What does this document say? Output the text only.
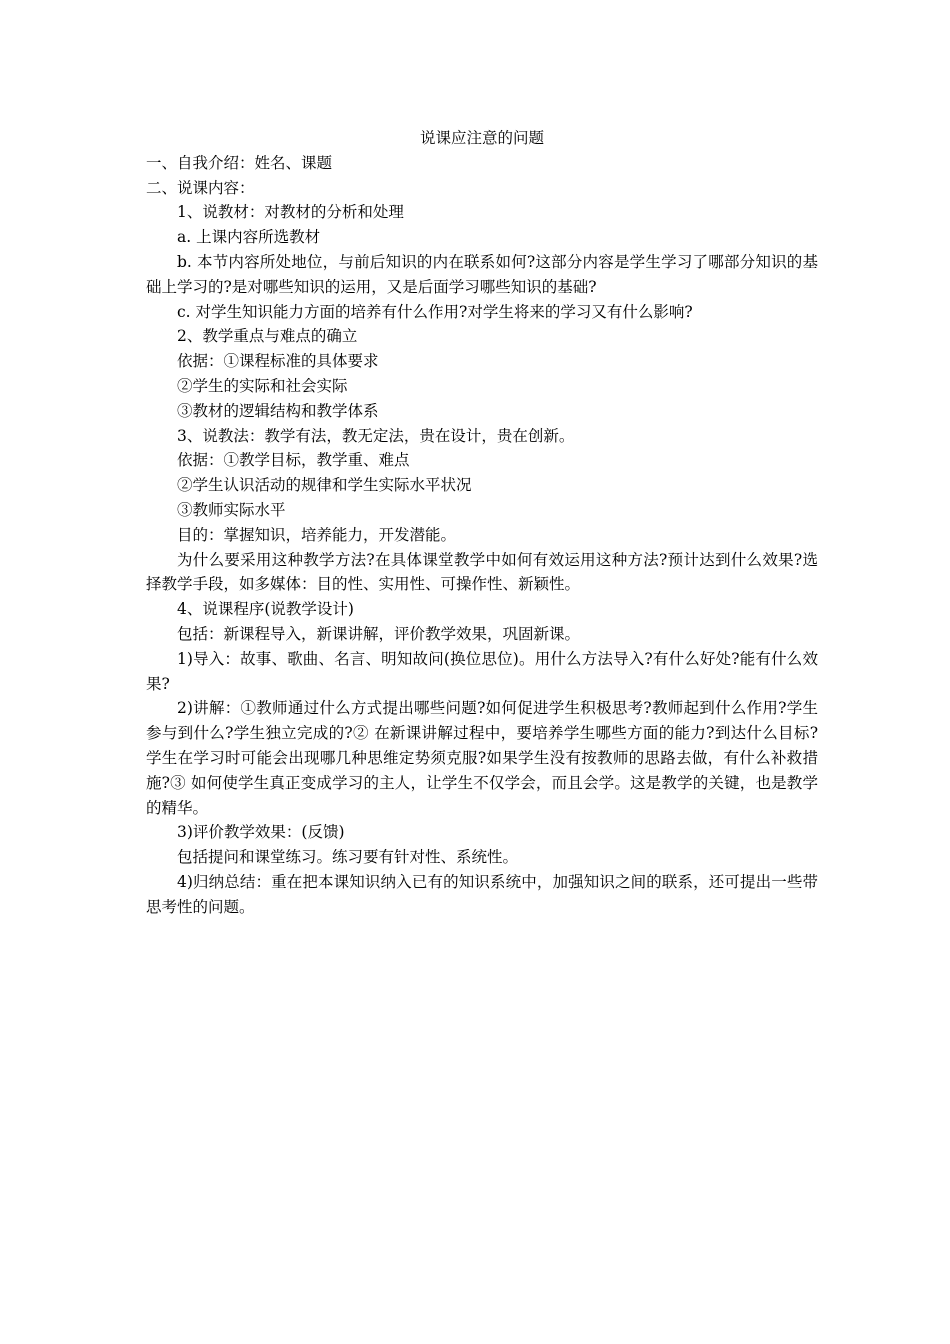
说课应注意的问题

一、自我介绍：姓名、课题

二、说课内容：

1、说教材：对教材的分析和处理

a. 上课内容所选教材

b. 本节内容所处地位，与前后知识的内在联系如何?这部分内容是学生学习了哪部分知识的基础上学习的?是对哪些知识的运用，又是后面学习哪些知识的基础?

c. 对学生知识能力方面的培养有什么作用?对学生将来的学习又有什么影响?

2、教学重点与难点的确立

依据：①课程标准的具体要求

②学生的实际和社会实际

③教材的逻辑结构和教学体系

3、说教法：教学有法，教无定法，贵在设计，贵在创新。

依据：①教学目标，教学重、难点

②学生认识活动的规律和学生实际水平状况

③教师实际水平

目的：掌握知识，培养能力，开发潜能。

为什么要采用这种教学方法?在具体课堂教学中如何有效运用这种方法?预计达到什么效果?选择教学手段，如多媒体：目的性、实用性、可操作性、新颖性。

4、说课程序(说教学设计)

包括：新课程导入，新课讲解，评价教学效果，巩固新课。

1)导入：故事、歌曲、名言、明知故问(换位思位)。用什么方法导入?有什么好处?能有什么效果?

2)讲解：①教师通过什么方式提出哪些问题?如何促进学生积极思考?教师起到什么作用?学生参与到什么?学生独立完成的?② 在新课讲解过程中，要培养学生哪些方面的能力?到达什么目标?学生在学习时可能会出现哪几种思维定势须克服?如果学生没有按教师的思路去做，有什么补救措施?③ 如何使学生真正变成学习的主人，让学生不仅学会，而且会学。这是教学的关键，也是教学的精华。

3)评价教学效果：(反馈)

包括提问和课堂练习。练习要有针对性、系统性。

4)归纳总结：重在把本课知识纳入已有的知识系统中，加强知识之间的联系，还可提出一些带思考性的问题。
